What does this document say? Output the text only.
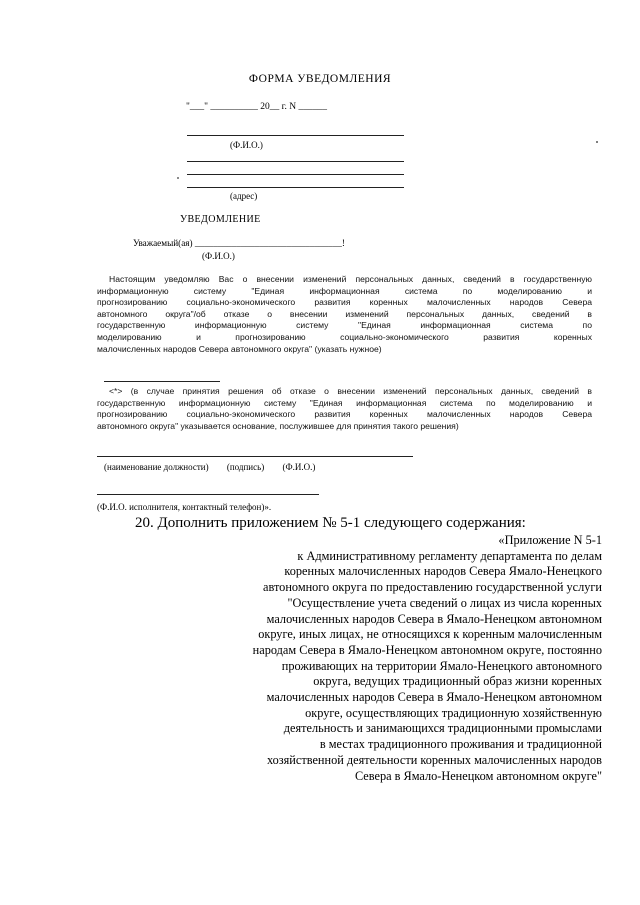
ФОРМА УВЕДОМЛЕНИЯ
"___" __________ 20__ г. N ______
(Ф.И.О.)
(адрес)
УВЕДОМЛЕНИЕ
Уважаемый(ая) ________________________________!
(Ф.И.О.)
Настоящим уведомляю Вас о внесении изменений персональных данных, сведений в государственную
информационную систему "Единая информационная система по моделированию и
прогнозированию социально-экономического развития коренных малочисленных народов Севера
автономного округа"/об отказе о внесении изменений персональных данных, сведений в
государственную информационную систему "Единая информационная система по
моделированию и прогнозированию социально-экономического развития коренных
малочисленных народов Севера автономного округа" (указать нужное)
<*> (в случае принятия решения об отказе о внесении изменений персональных данных, сведений в
государственную информационную систему "Единая информационная система по моделированию и
прогнозированию социально-экономического развития коренных малочисленных народов Севера
автономного округа" указывается основание, послужившее для принятия такого решения)
(наименование должности) (подпись) (Ф.И.О.)
(Ф.И.О. исполнителя, контактный телефон)».
20. Дополнить приложением № 5-1 следующего содержания:
«Приложение N 5-1
к Административному регламенту департамента по делам
коренных малочисленных народов Севера Ямало-Ненецкого
автономного округа по предоставлению государственной услуги
"Осуществление учета сведений о лицах из числа коренных
малочисленных народов Севера в Ямало-Ненецком автономном
округе, иных лицах, не относящихся к коренным малочисленным
народам Севера в Ямало-Ненецком автономном округе, постоянно
проживающих на территории Ямало-Ненецкого автономного
округа, ведущих традиционный образ жизни коренных
малочисленных народов Севера в Ямало-Ненецком автономном
округе, осуществляющих традиционную хозяйственную
деятельность и занимающихся традиционными промыслами
в местах традиционного проживания и традиционной
хозяйственной деятельности коренных малочисленных народов
Севера в Ямало-Ненецком автономном округе"
